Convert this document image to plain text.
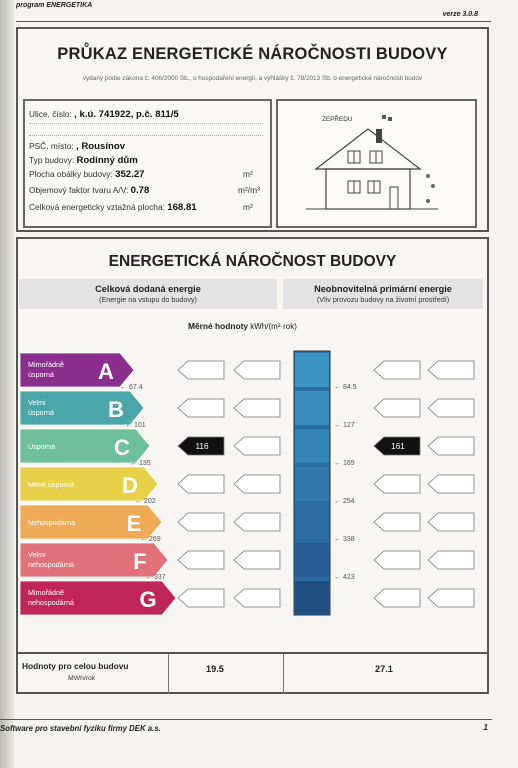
program ENERGETIKA
verze 3.0.8
PRŮKAZ ENERGETICKÉ NÁROČNOSTI BUDOVY
vydaný podle zákona č. 406/2000 Sb., o hospodaření energií, a vyhlášky č. 78/2013 Sb. o energetické náročnosti budov
Ulice, číslo: , k.ú. 741922, p.č. 811/5
PSČ, místo: , Rousínov
Typ budovy: Rodinný dům
Plocha obálky budovy: 352.27	m²
Objemový faktor tvaru A/V: 0.78	m²/m³
Celková energeticky vztažná plocha: 168.81	m²
ZEPŘEDU
ENERGETICKÁ NÁROČNOST BUDOVY
Celková dodaná energie
(Energie na vstupu do budovy)
Neobnovitelná primární energie
(Vliv provozu budovy na životní prostředí)
Měrné hodnoty kWh/(m²·rok)
Mimořádně
úsporná A
← 67.4	← 84.5
Velmi
úsporná B
← 101	← 127
Úsporná	C	116	161
← 135	← 169
Méně úsporná D
← 202	← 254
Nehospodárná E
← 269	← 338
Velmi
nehospodárná	F
← 337	← 423
Mimořádně
nehospodárná	G
Hodnoty pro celou budovu
MWh/rok
19.5	27.1
Software pro stavební fyziku firmy DEK a.s.	1
